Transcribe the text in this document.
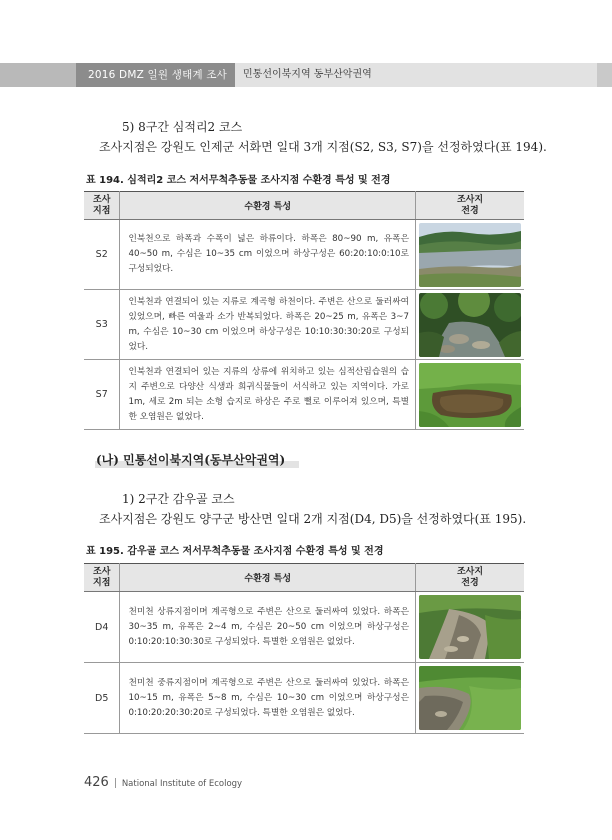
2016 DMZ 일원 생태계 조사	민통선이북지역 동부산악권역
5) 8구간 심적리2 코스
조사지점은 강원도 인제군 서화면 일대 3개 지점(S2, S3, S7)을 선정하였다(표 194).
표 194. 심적리2 코스 저서무척추동물 조사지점 수환경 특성 및 전경
조사
지점	수환경 특성	조사지
전경
S2	인북천으로 하폭과 수폭이 넓은 하류이다. 하폭은 80~90 m, 유폭은 40~50 m, 수심은 10~35 cm 이었으며 하상구성은 60:20:10:0:10로 구성되었다.	

S3	인북천과 연결되어 있는 지류로 계곡형 하천이다. 주변은 산으로 둘러싸여 있었으며, 빠른 여울과 소가 반복되었다. 하폭은 20~25 m, 유폭은 3~7 m, 수심은 10~30 cm 이었으며 하상구성은 10:10:30:30:20로 구성되었다.	

S7	인북천과 연결되어 있는 지류의 상류에 위치하고 있는 심적산림습원의 습지 주변으로 다양산 식생과 희귀식물들이 서식하고 있는 지역이다. 가로 1m, 세로 2m 되는 소형 습지로 하상은 주로 뻘로 이루어져 있으며, 특별한 오염원은 없었다.	
(나) 민통선이북지역(동부산악권역)
1) 2구간 감우골 코스
조사지점은 강원도 양구군 방산면 일대 2개 지점(D4, D5)을 선정하였다(표 195).
표 195. 감우골 코스 저서무척추동물 조사지점 수환경 특성 및 전경
조사
지점	수환경 특성	조사지
전경
D4	천미천 상류지점이며 계곡형으로 주변은 산으로 둘러싸여 있었다. 하폭은 30~35 m, 유폭은 2~4 m, 수심은 20~50 cm 이었으며 하상구성은 0:10:20:10:30:30로 구성되었다. 특별한 오염원은 없었다.	

D5	천미천 중류지점이며 계곡형으로 주변은 산으로 둘러싸여 있었다. 하폭은 10~15 m, 유폭은 5~8 m, 수심은 10~30 cm 이었으며 하상구성은 0:10:20:20:30:20로 구성되었다. 특별한 오염원은 없었다.	
426 National Institute of Ecology
